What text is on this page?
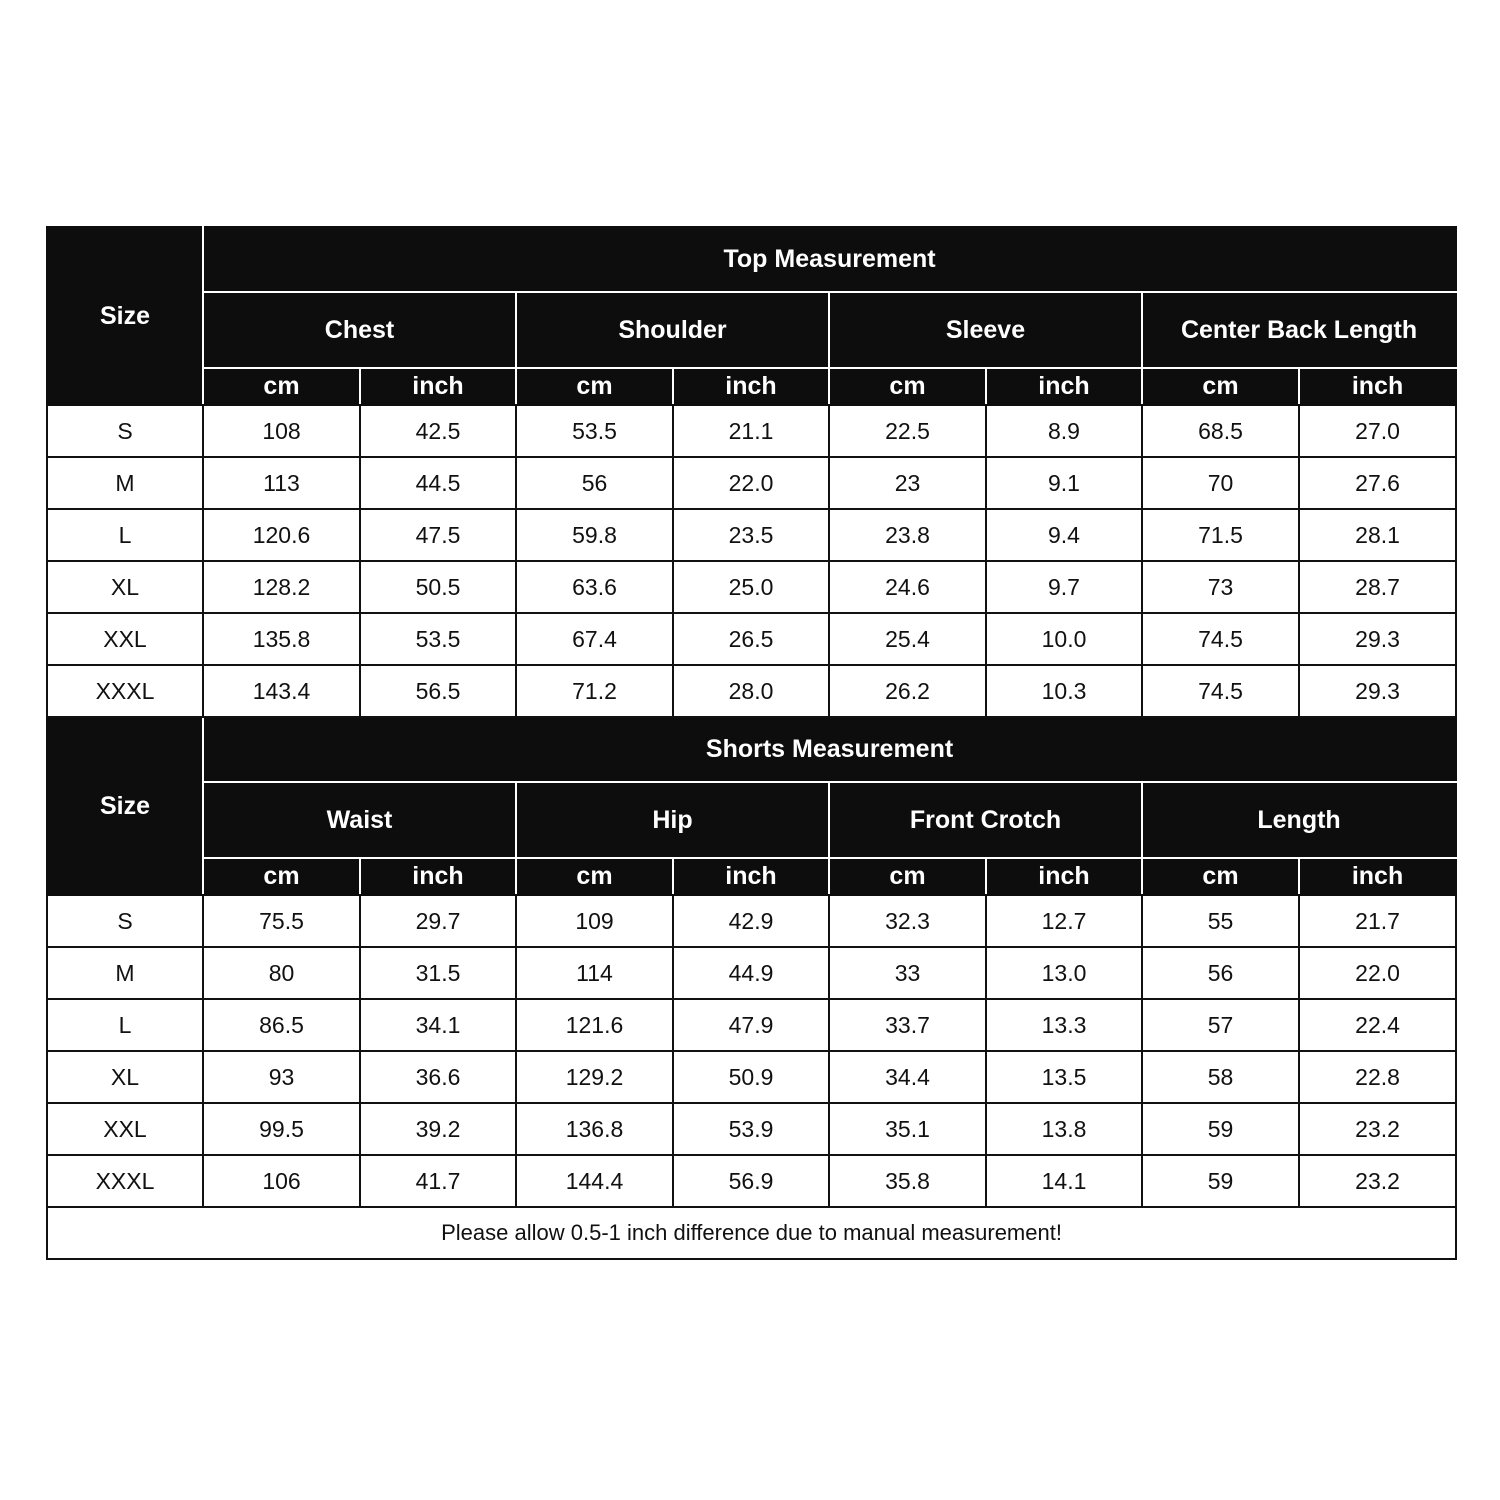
Size	Top Measurement							
	Chest		Shoulder		Sleeve		Center Back Length	
	cm	inch	cm	inch	cm	inch	cm	inch
S	108	42.5	53.5	21.1	22.5	8.9	68.5	27.0
M	113	44.5	56	22.0	23	9.1	70	27.6
L	120.6	47.5	59.8	23.5	23.8	9.4	71.5	28.1
XL	128.2	50.5	63.6	25.0	24.6	9.7	73	28.7
XXL	135.8	53.5	67.4	26.5	25.4	10.0	74.5	29.3
XXXL	143.4	56.5	71.2	28.0	26.2	10.3	74.5	29.3
Size	Shorts Measurement							
	Waist		Hip		Front Crotch		Length	
	cm	inch	cm	inch	cm	inch	cm	inch
S	75.5	29.7	109	42.9	32.3	12.7	55	21.7
M	80	31.5	114	44.9	33	13.0	56	22.0
L	86.5	34.1	121.6	47.9	33.7	13.3	57	22.4
XL	93	36.6	129.2	50.9	34.4	13.5	58	22.8
XXL	99.5	39.2	136.8	53.9	35.1	13.8	59	23.2
XXXL	106	41.7	144.4	56.9	35.8	14.1	59	23.2
Please allow 0.5-1 inch difference due to manual measurement!								
